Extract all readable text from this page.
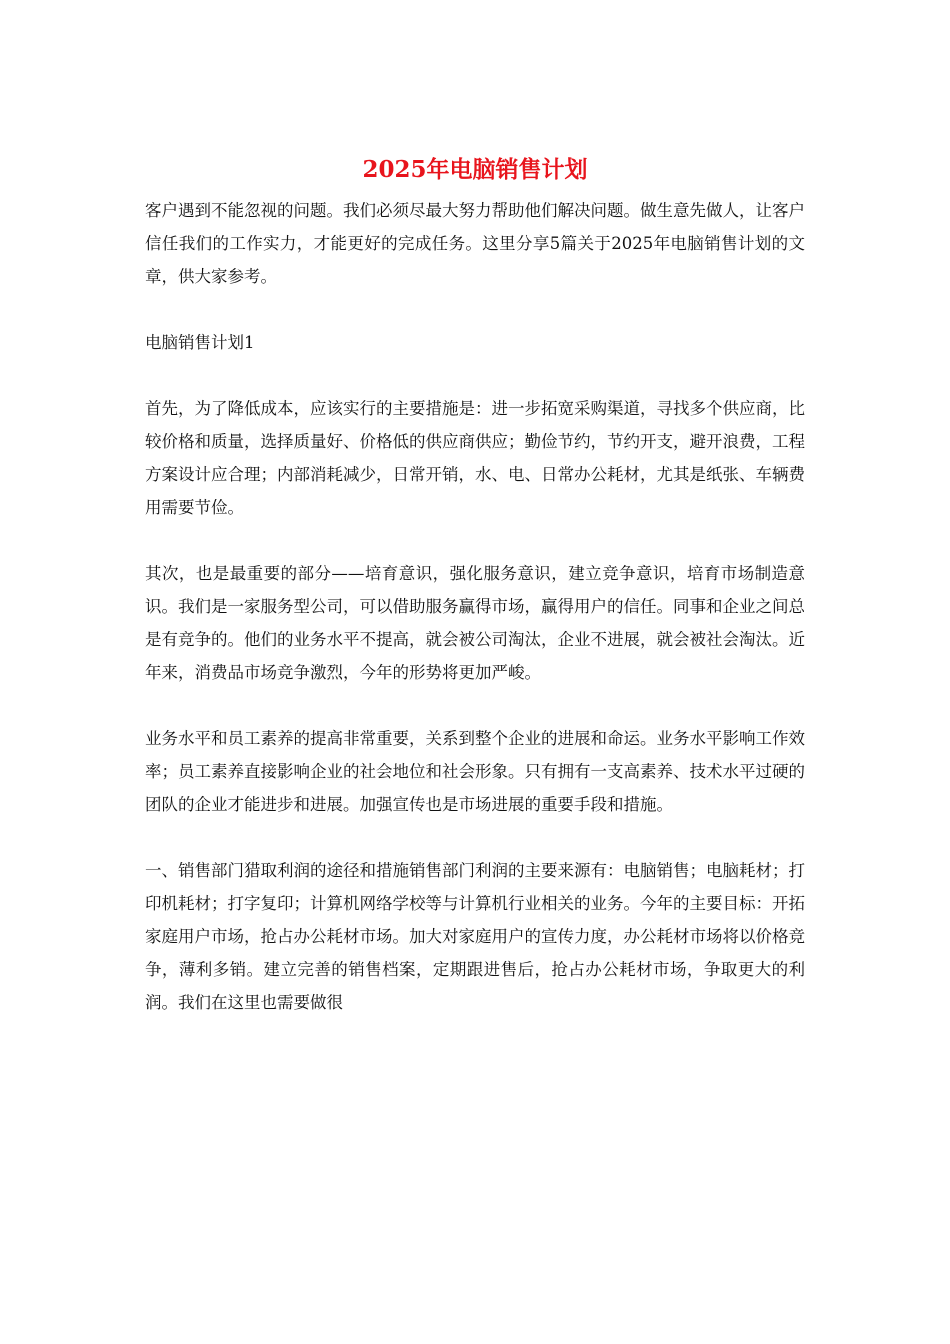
2025年电脑销售计划

客户遇到不能忽视的问题。我们必须尽最大努力帮助他们解决问题。做生意先做人，让客户信任我们的工作实力，才能更好的完成任务。这里分享5篇关于2025年电脑销售计划的文章，供大家参考。

电脑销售计划1

首先，为了降低成本，应该实行的主要措施是：进一步拓宽采购渠道，寻找多个供应商，比较价格和质量，选择质量好、价格低的供应商供应；勤俭节约，节约开支，避开浪费，工程方案设计应合理；内部消耗减少，日常开销，水、电、日常办公耗材，尤其是纸张、车辆费用需要节俭。

其次，也是最重要的部分——培育意识，强化服务意识，建立竞争意识，培育市场制造意识。我们是一家服务型公司，可以借助服务赢得市场，赢得用户的信任。同事和企业之间总是有竞争的。他们的业务水平不提高，就会被公司淘汰，企业不进展，就会被社会淘汰。近年来，消费品市场竞争激烈，今年的形势将更加严峻。

业务水平和员工素养的提高非常重要，关系到整个企业的进展和命运。业务水平影响工作效率；员工素养直接影响企业的社会地位和社会形象。只有拥有一支高素养、技术水平过硬的团队的企业才能进步和进展。加强宣传也是市场进展的重要手段和措施。

一、销售部门猎取利润的途径和措施销售部门利润的主要来源有：电脑销售；电脑耗材；打印机耗材；打字复印；计算机网络学校等与计算机行业相关的业务。今年的主要目标：开拓家庭用户市场，抢占办公耗材市场。加大对家庭用户的宣传力度，办公耗材市场将以价格竞争，薄利多销。建立完善的销售档案，定期跟进售后，抢占办公耗材市场，争取更大的利润。我们在这里也需要做很
